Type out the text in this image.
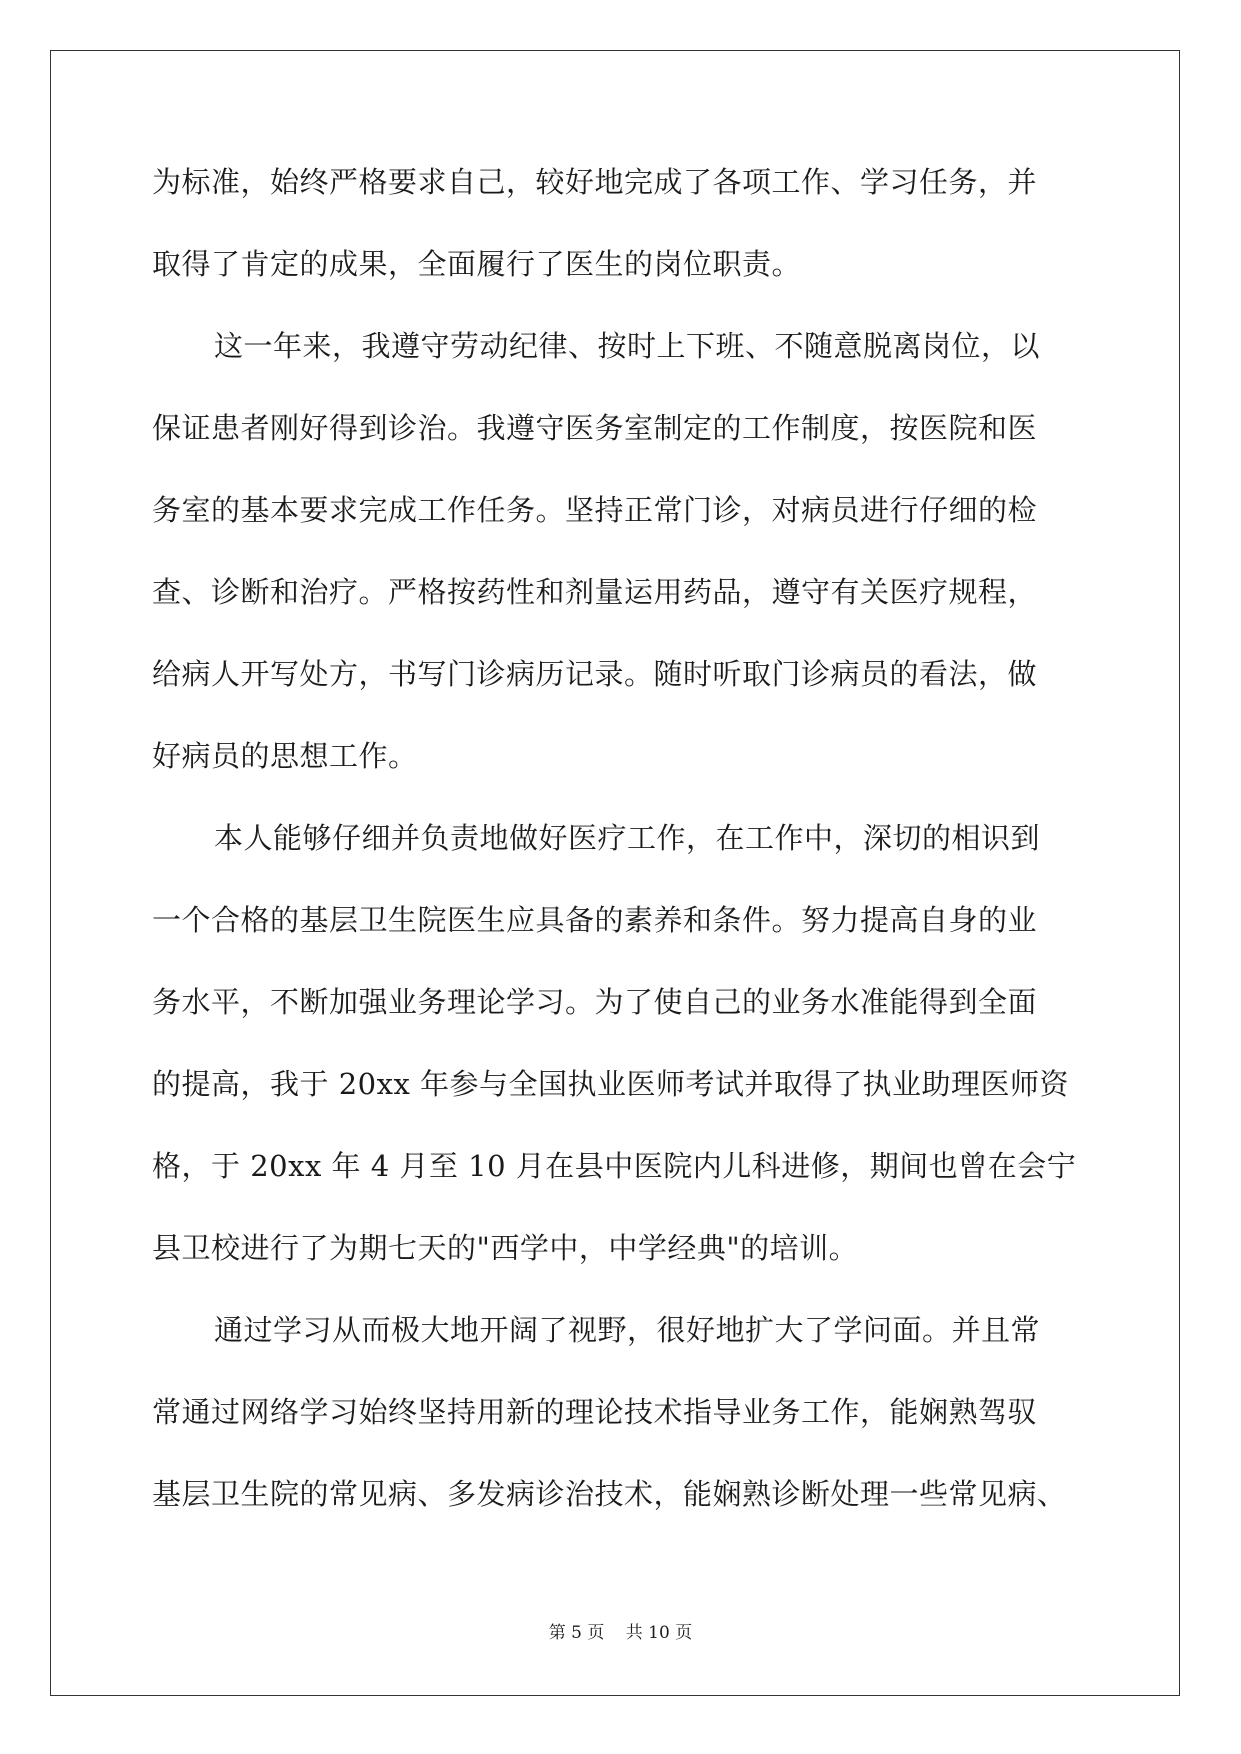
为标准，始终严格要求自己，较好地完成了各项工作、学习任务，并
取得了肯定的成果，全面履行了医生的岗位职责。
这一年来，我遵守劳动纪律、按时上下班、不随意脱离岗位，以
保证患者刚好得到诊治。我遵守医务室制定的工作制度，按医院和医
务室的基本要求完成工作任务。坚持正常门诊，对病员进行仔细的检
查、诊断和治疗。严格按药性和剂量运用药品，遵守有关医疗规程，
给病人开写处方，书写门诊病历记录。随时听取门诊病员的看法，做
好病员的思想工作。
本人能够仔细并负责地做好医疗工作，在工作中，深切的相识到
一个合格的基层卫生院医生应具备的素养和条件。努力提高自身的业
务水平，不断加强业务理论学习。为了使自己的业务水准能得到全面
的提高，我于 20xx 年参与全国执业医师考试并取得了执业助理医师资
格，于 20xx 年 4 月至 10 月在县中医院内儿科进修，期间也曾在会宁
县卫校进行了为期七天的"西学中，中学经典"的培训。
通过学习从而极大地开阔了视野，很好地扩大了学问面。并且常
常通过网络学习始终坚持用新的理论技术指导业务工作，能娴熟驾驭
基层卫生院的常见病、多发病诊治技术，能娴熟诊断处理一些常见病、
第 5 页 共 10 页
